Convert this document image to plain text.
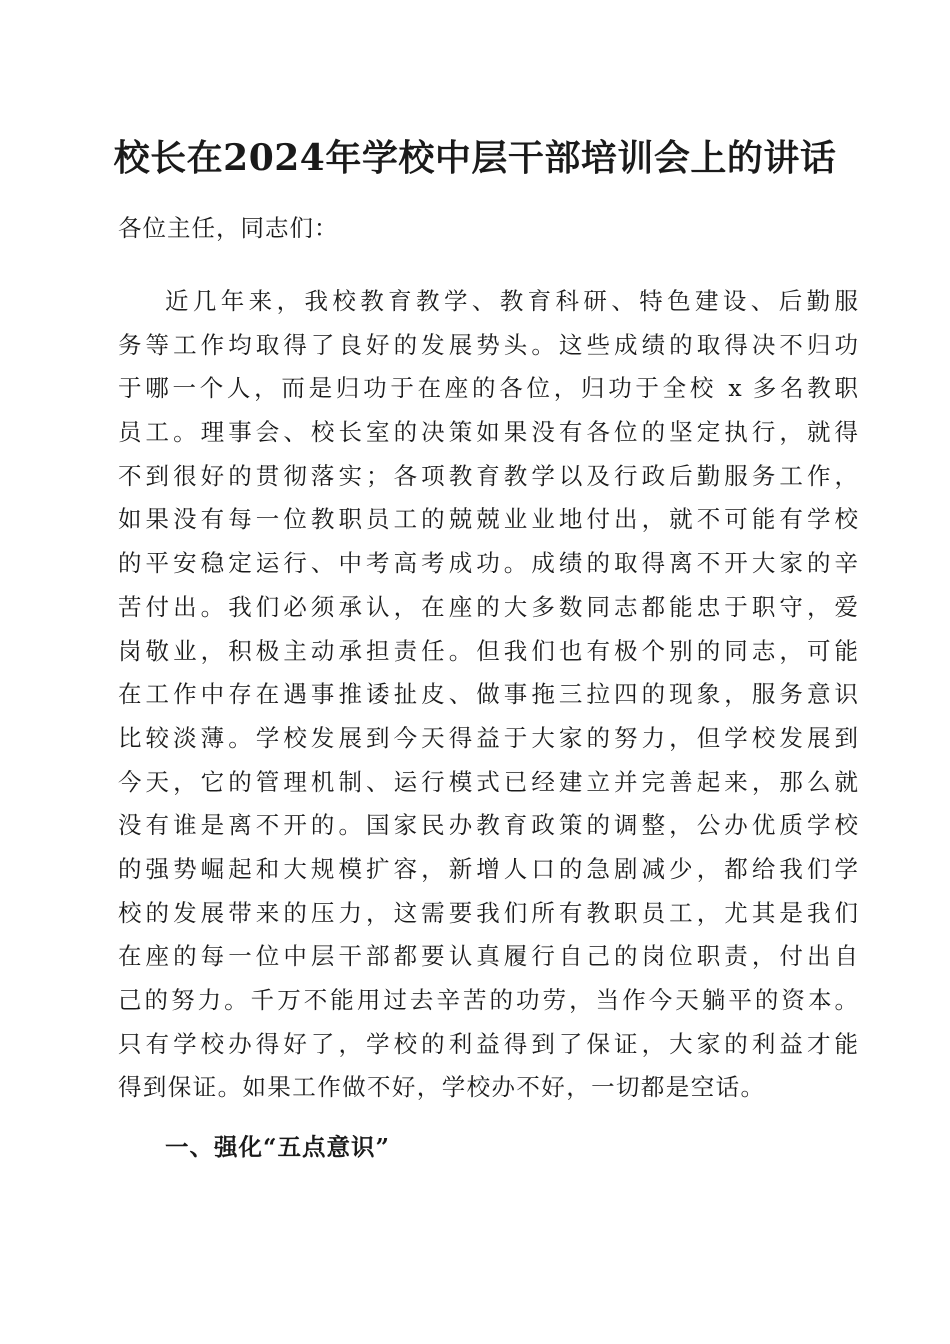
校长在2024年学校中层干部培训会上的讲话
各位主任，同志们：
近几年来，我校教育教学、教育科研、特色建设、后勤服
务等工作均取得了良好的发展势头。这些成绩的取得决不归功
于哪一个人，而是归功于在座的各位，归功于全校 x 多名教职
员工。理事会、校长室的决策如果没有各位的坚定执行，就得
不到很好的贯彻落实；各项教育教学以及行政后勤服务工作，
如果没有每一位教职员工的兢兢业业地付出，就不可能有学校
的平安稳定运行、中考高考成功。成绩的取得离不开大家的辛
苦付出。我们必须承认，在座的大多数同志都能忠于职守，爱
岗敬业，积极主动承担责任。但我们也有极个别的同志，可能
在工作中存在遇事推诿扯皮、做事拖三拉四的现象，服务意识
比较淡薄。学校发展到今天得益于大家的努力，但学校发展到
今天，它的管理机制、运行模式已经建立并完善起来，那么就
没有谁是离不开的。国家民办教育政策的调整，公办优质学校
的强势崛起和大规模扩容，新增人口的急剧减少，都给我们学
校的发展带来的压力，这需要我们所有教职员工，尤其是我们
在座的每一位中层干部都要认真履行自己的岗位职责，付出自
己的努力。千万不能用过去辛苦的功劳，当作今天躺平的资本。
只有学校办得好了，学校的利益得到了保证，大家的利益才能
得到保证。如果工作做不好，学校办不好，一切都是空话。
一、强化“五点意识”
